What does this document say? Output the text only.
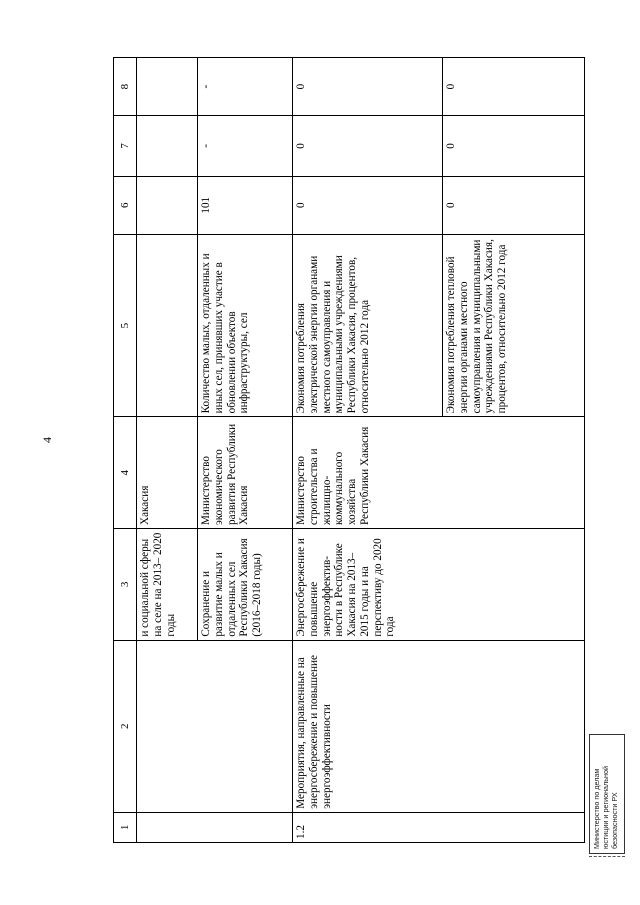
4
1	2	3	4	5	6	7	8
		и социальной сферы на селе на 2013– 2020 годы	Хакасия				
		Сохранение и развитие малых и отдаленных сел Республики Хакасия (2016–2018 годы)	Министерство экономического развития Республики Хакасия	Количество малых, отдаленных и иных сел, принявших участие в обновлении объектов инфраструктуры, сел	101	-	-
1.2	Мероприятия, направленные на энергосбережение и повышение энергоэффективности	Энергосбережение и повышение энергоэффектив-ности в Республике Хакасия на 2013– 2015 годы и на перспективу до 2020 года	Министерство строительства и жилищно-коммунального хозяйства Республики Хакасия	Экономия потребления электрической энергии органами местного самоуправления и муниципальными учреждениями Республики Хакасия, процентов, относительно 2012 года	0	0	0
				Экономия потребления тепловой энергии органами местного самоуправления и муниципальными учреждениями Республики Хакасия, процентов, относительно 2012 года	0	0	0
Министерство по делам юстиции и региональной безопасности РХ
